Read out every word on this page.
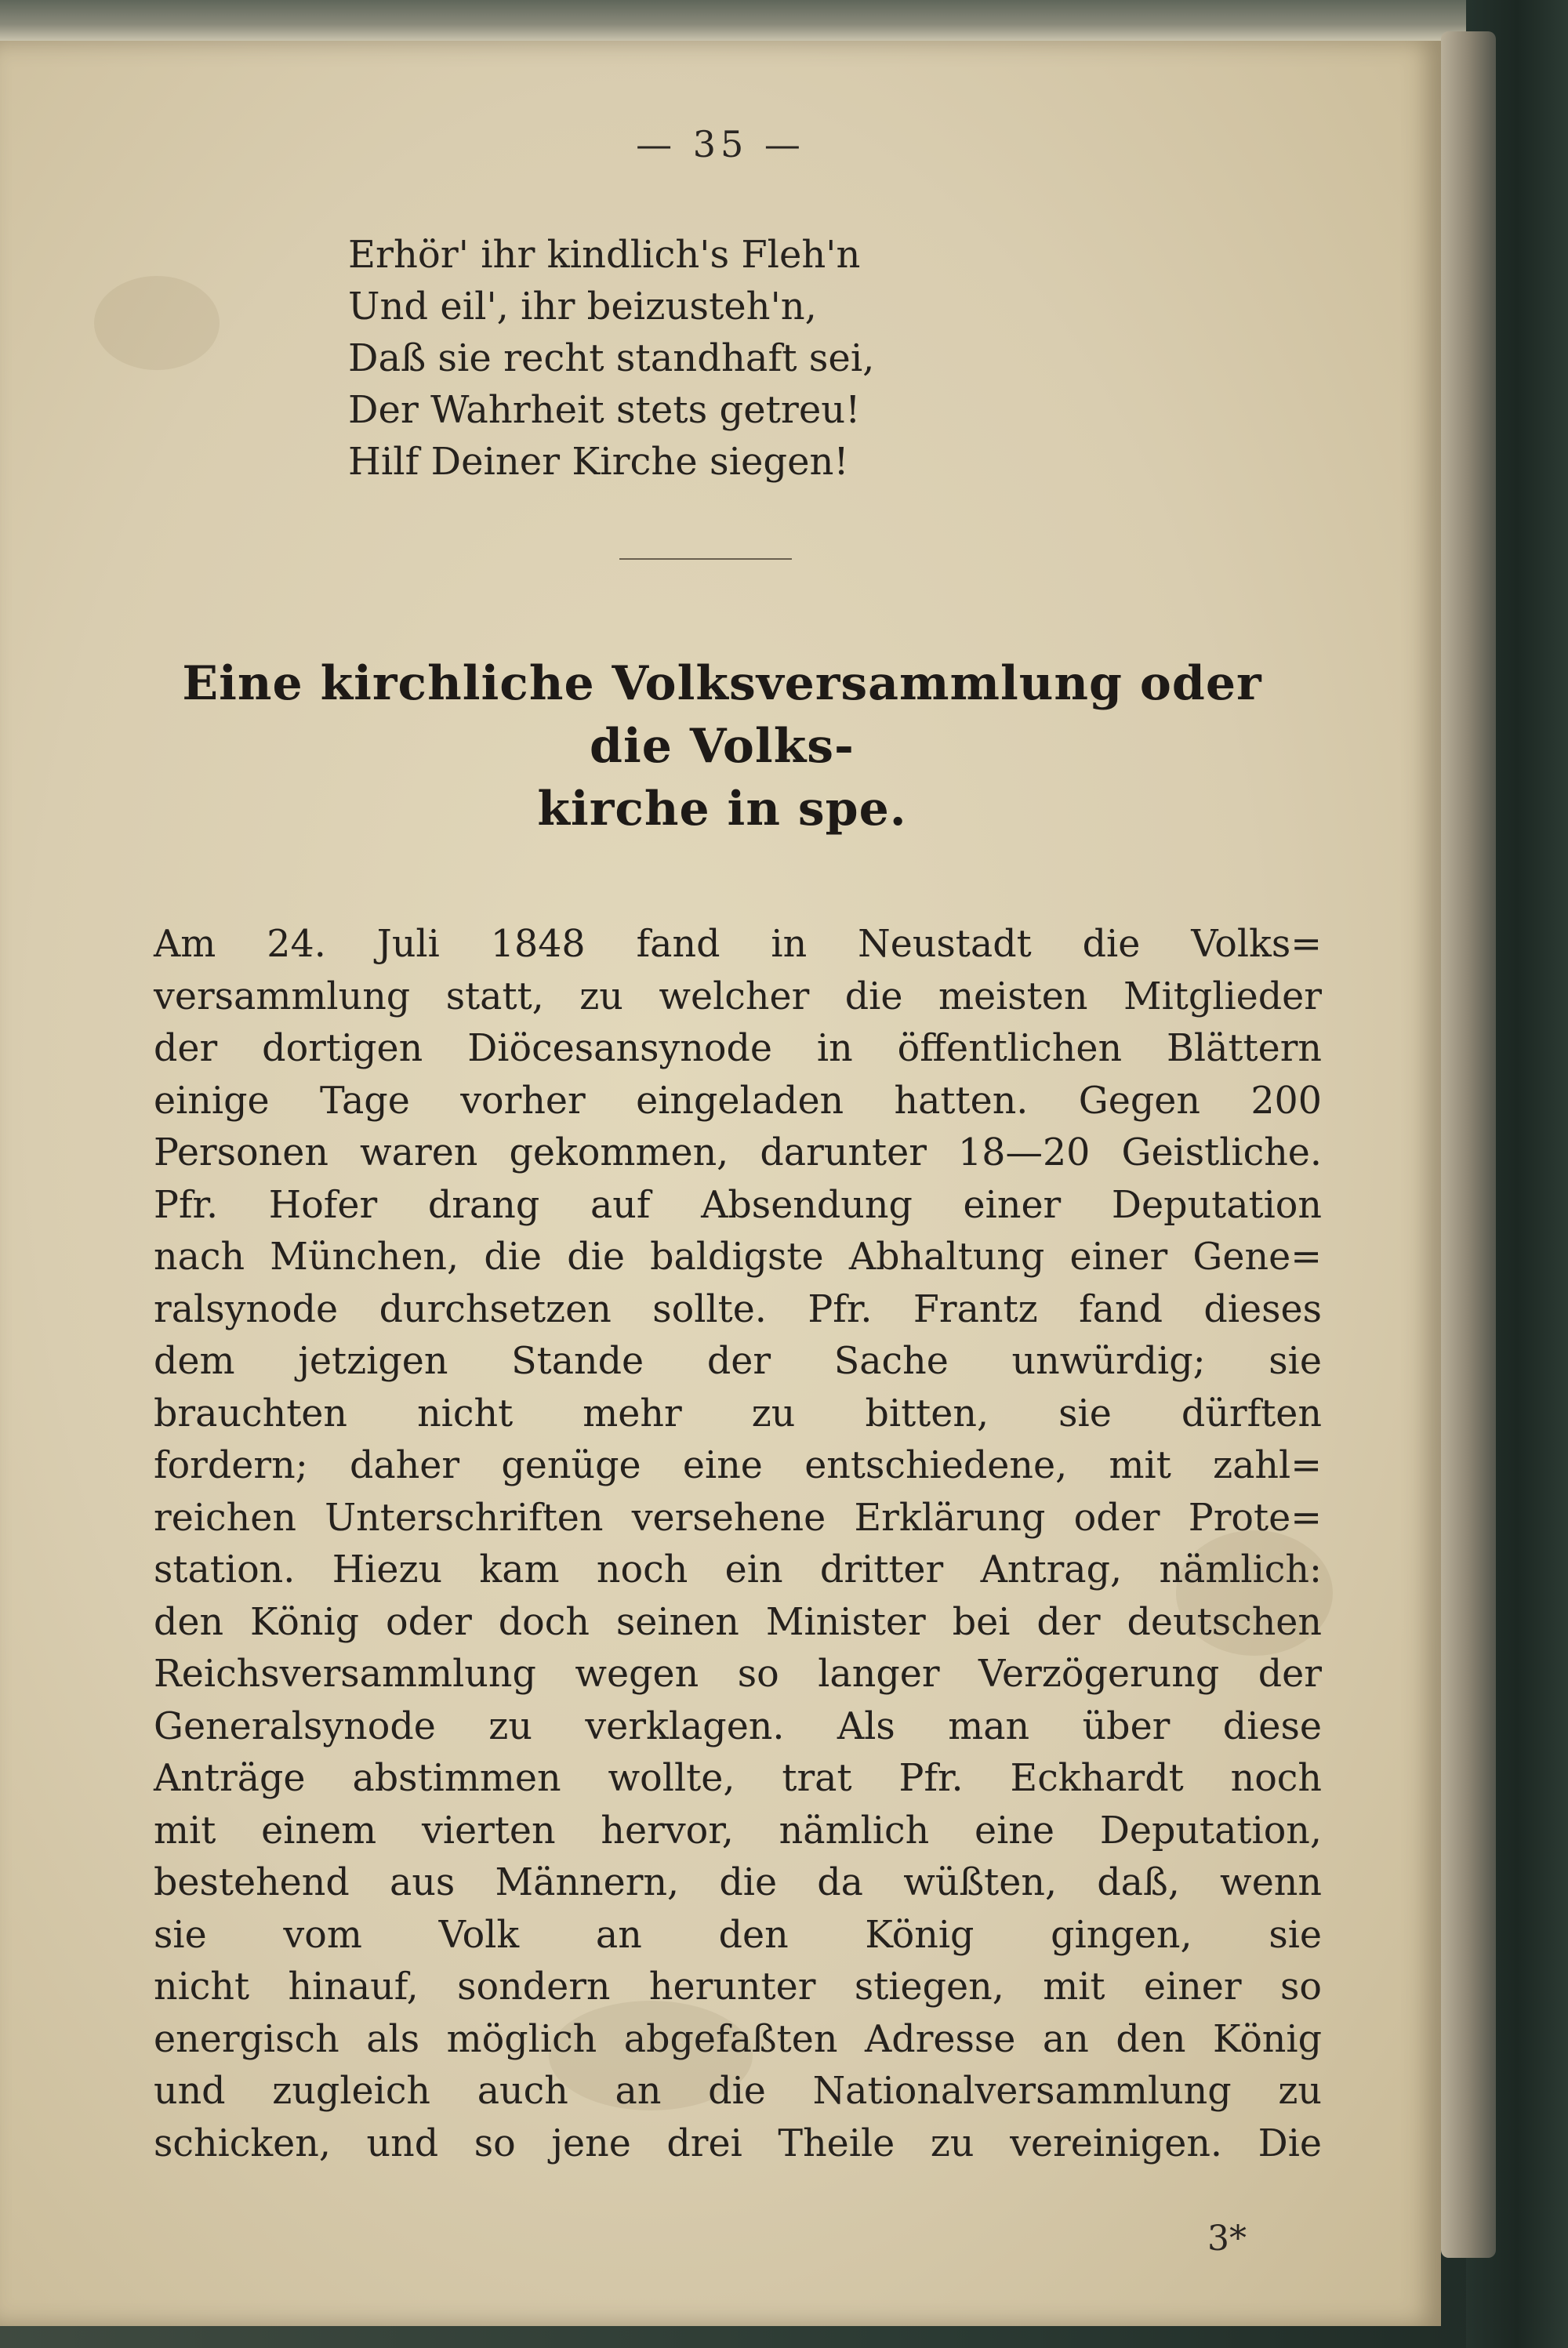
— 35 —
Erhör' ihr kindlich's Fleh'n
Und eil', ihr beizusteh'n,
Daß sie recht standhaft sei,
Der Wahrheit stets getreu!
Hilf Deiner Kirche siegen!
Eine kirchliche Volksversammlung oder die Volks-
kirche in spe.
Am 24. Juli 1848 fand in Neustadt die Volks=
versammlung statt, zu welcher die meisten Mitglieder
der dortigen Diöcesansynode in öffentlichen Blättern
einige Tage vorher eingeladen hatten. Gegen 200
Personen waren gekommen, darunter 18—20 Geistliche.
Pfr. Hofer drang auf Absendung einer Deputation
nach München, die die baldigste Abhaltung einer Gene=
ralsynode durchsetzen sollte. Pfr. Frantz fand dieses
dem jetzigen Stande der Sache unwürdig; sie
brauchten nicht mehr zu bitten, sie dürften
fordern; daher genüge eine entschiedene, mit zahl=
reichen Unterschriften versehene Erklärung oder Prote=
station. Hiezu kam noch ein dritter Antrag, nämlich:
den König oder doch seinen Minister bei der deutschen
Reichsversammlung wegen so langer Verzögerung der
Generalsynode zu verklagen. Als man über diese
Anträge abstimmen wollte, trat Pfr. Eckhardt noch
mit einem vierten hervor, nämlich eine Deputation,
bestehend aus Männern, die da wüßten, daß, wenn
sie vom Volk an den König gingen, sie
nicht hinauf, sondern herunter stiegen, mit einer so
energisch als möglich abgefaßten Adresse an den König
und zugleich auch an die Nationalversammlung zu
schicken, und so jene drei Theile zu vereinigen. Die
3*
